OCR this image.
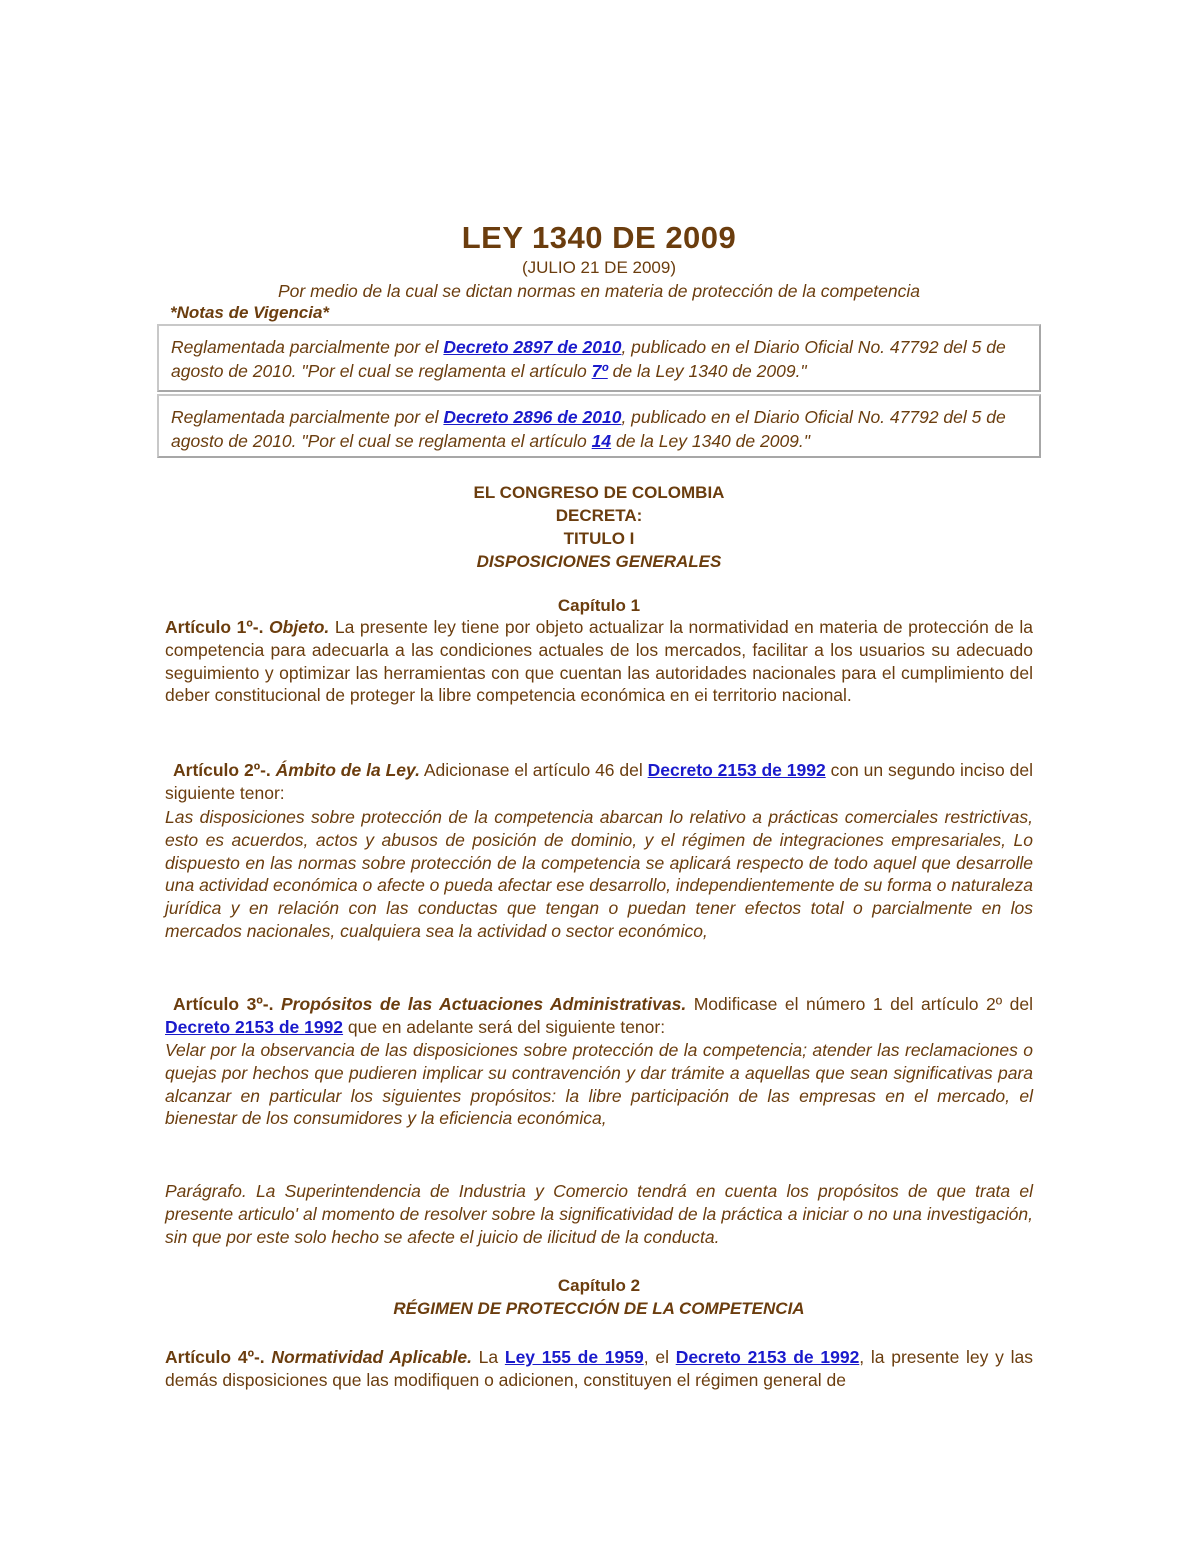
LEY 1340 DE 2009
(JULIO 21 DE 2009)
Por medio de la cual se dictan normas en materia de protección de la competencia
*Notas de Vigencia*
Reglamentada parcialmente por el Decreto 2897 de 2010, publicado en el Diario Oficial No. 47792 del 5 de agosto de 2010. "Por el cual se reglamenta el artículo 7º de la Ley 1340 de 2009."
Reglamentada parcialmente por el Decreto 2896 de 2010, publicado en el Diario Oficial No. 47792 del 5 de agosto de 2010. "Por el cual se reglamenta el artículo 14 de la Ley 1340 de 2009."
EL CONGRESO DE COLOMBIA
DECRETA:
TITULO I
DISPOSICIONES GENERALES
Capítulo 1
Artículo 1º-. Objeto. La presente ley tiene por objeto actualizar la normatividad en materia de protección de la competencia para adecuarla a las condiciones actuales de los mercados, facilitar a los usuarios su adecuado seguimiento y optimizar las herramientas con que cuentan las autoridades nacionales para el cumplimiento del deber constitucional de proteger la libre competencia económica en ei territorio nacional.
Artículo 2º-. Ámbito de la Ley. Adicionase el artículo 46 del Decreto 2153 de 1992 con un segundo inciso del siguiente tenor:
Las disposiciones sobre protección de la competencia abarcan lo relativo a prácticas comerciales restrictivas, esto es acuerdos, actos y abusos de posición de dominio, y el régimen de integraciones empresariales, Lo dispuesto en las normas sobre protección de la competencia se aplicará respecto de todo aquel que desarrolle una actividad económica o afecte o pueda afectar ese desarrollo, independientemente de su forma o naturaleza jurídica y en relación con las conductas que tengan o puedan tener efectos total o parcialmente en los mercados nacionales, cualquiera sea la actividad o sector económico,
Artículo 3º-. Propósitos de las Actuaciones Administrativas. Modificase el número 1 del artículo 2º del Decreto 2153 de 1992 que en adelante será del siguiente tenor:
Velar por la observancia de las disposiciones sobre protección de la competencia; atender las reclamaciones o quejas por hechos que pudieren implicar su contravención y dar trámite a aquellas que sean significativas para alcanzar en particular los siguientes propósitos: la libre participación de las empresas en el mercado, el bienestar de los consumidores y la eficiencia económica,
Parágrafo. La Superintendencia de Industria y Comercio tendrá en cuenta los propósitos de que trata el presente articulo' al momento de resolver sobre la significatividad de la práctica a iniciar o no una investigación, sin que por este solo hecho se afecte el juicio de ilicitud de la conducta.
Capítulo 2
RÉGIMEN DE PROTECCIÓN DE LA COMPETENCIA
Artículo 4º-. Normatividad Aplicable. La Ley 155 de 1959, el Decreto 2153 de 1992, la presente ley y las demás disposiciones que las modifiquen o adicionen, constituyen el régimen general de
